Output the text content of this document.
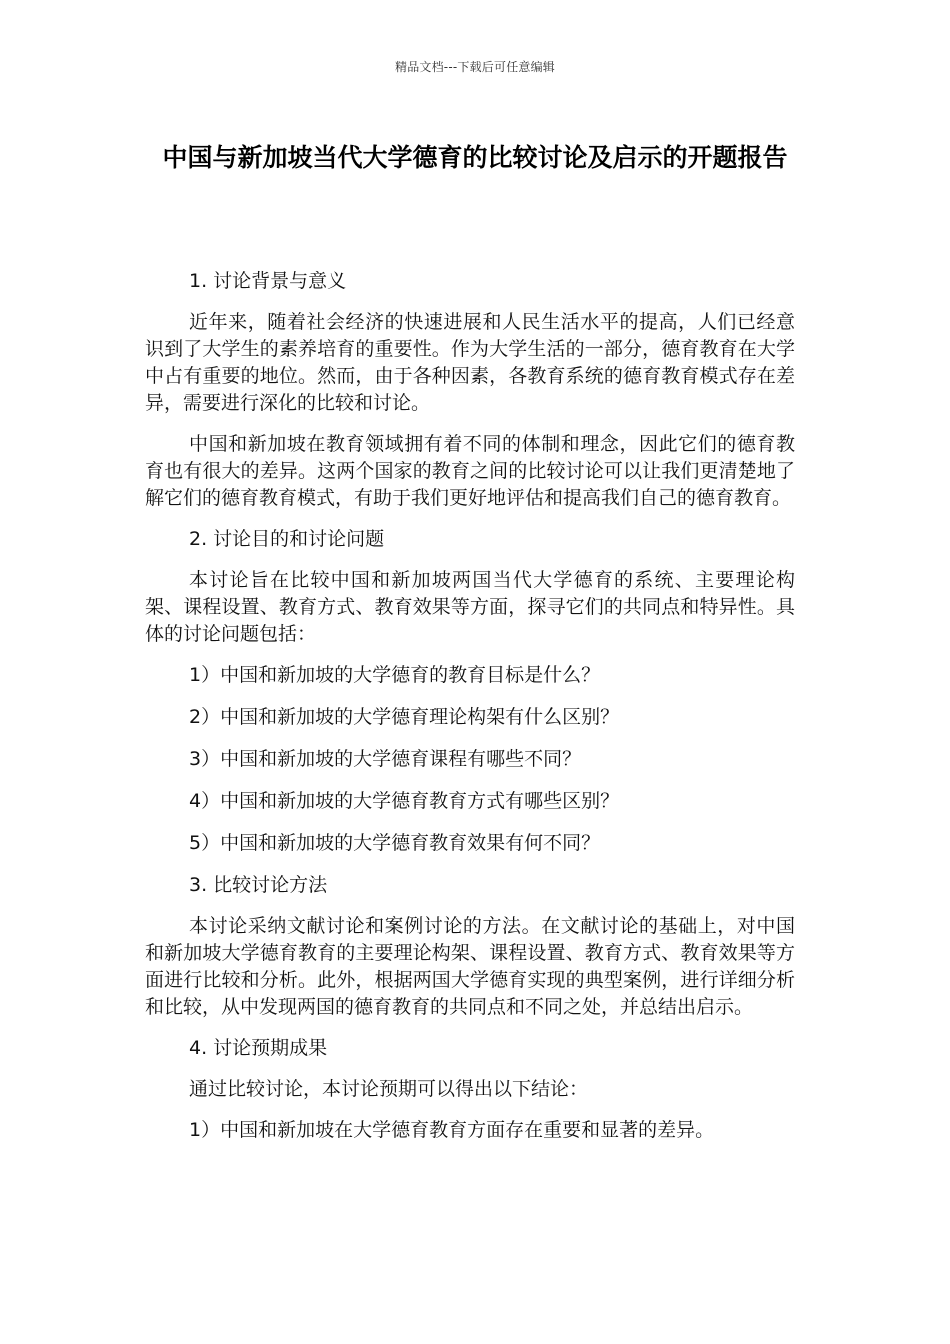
精品文档---下载后可任意编辑
中国与新加坡当代大学德育的比较讨论及启示的开题报告

1. 讨论背景与意义

近年来，随着社会经济的快速进展和人民生活水平的提高，人们已经意识到了大学生的素养培育的重要性。作为大学生活的一部分，德育教育在大学中占有重要的地位。然而，由于各种因素，各教育系统的德育教育模式存在差异，需要进行深化的比较和讨论。

中国和新加坡在教育领域拥有着不同的体制和理念，因此它们的德育教育也有很大的差异。这两个国家的教育之间的比较讨论可以让我们更清楚地了解它们的德育教育模式，有助于我们更好地评估和提高我们自己的德育教育。

2. 讨论目的和讨论问题

本讨论旨在比较中国和新加坡两国当代大学德育的系统、主要理论构架、课程设置、教育方式、教育效果等方面，探寻它们的共同点和特异性。具体的讨论问题包括：

1）中国和新加坡的大学德育的教育目标是什么？

2）中国和新加坡的大学德育理论构架有什么区别？

3）中国和新加坡的大学德育课程有哪些不同？

4）中国和新加坡的大学德育教育方式有哪些区别？

5）中国和新加坡的大学德育教育效果有何不同？

3. 比较讨论方法

本讨论采纳文献讨论和案例讨论的方法。在文献讨论的基础上，对中国和新加坡大学德育教育的主要理论构架、课程设置、教育方式、教育效果等方面进行比较和分析。此外，根据两国大学德育实现的典型案例，进行详细分析和比较，从中发现两国的德育教育的共同点和不同之处，并总结出启示。

4. 讨论预期成果

通过比较讨论，本讨论预期可以得出以下结论：

1）中国和新加坡在大学德育教育方面存在重要和显著的差异。
